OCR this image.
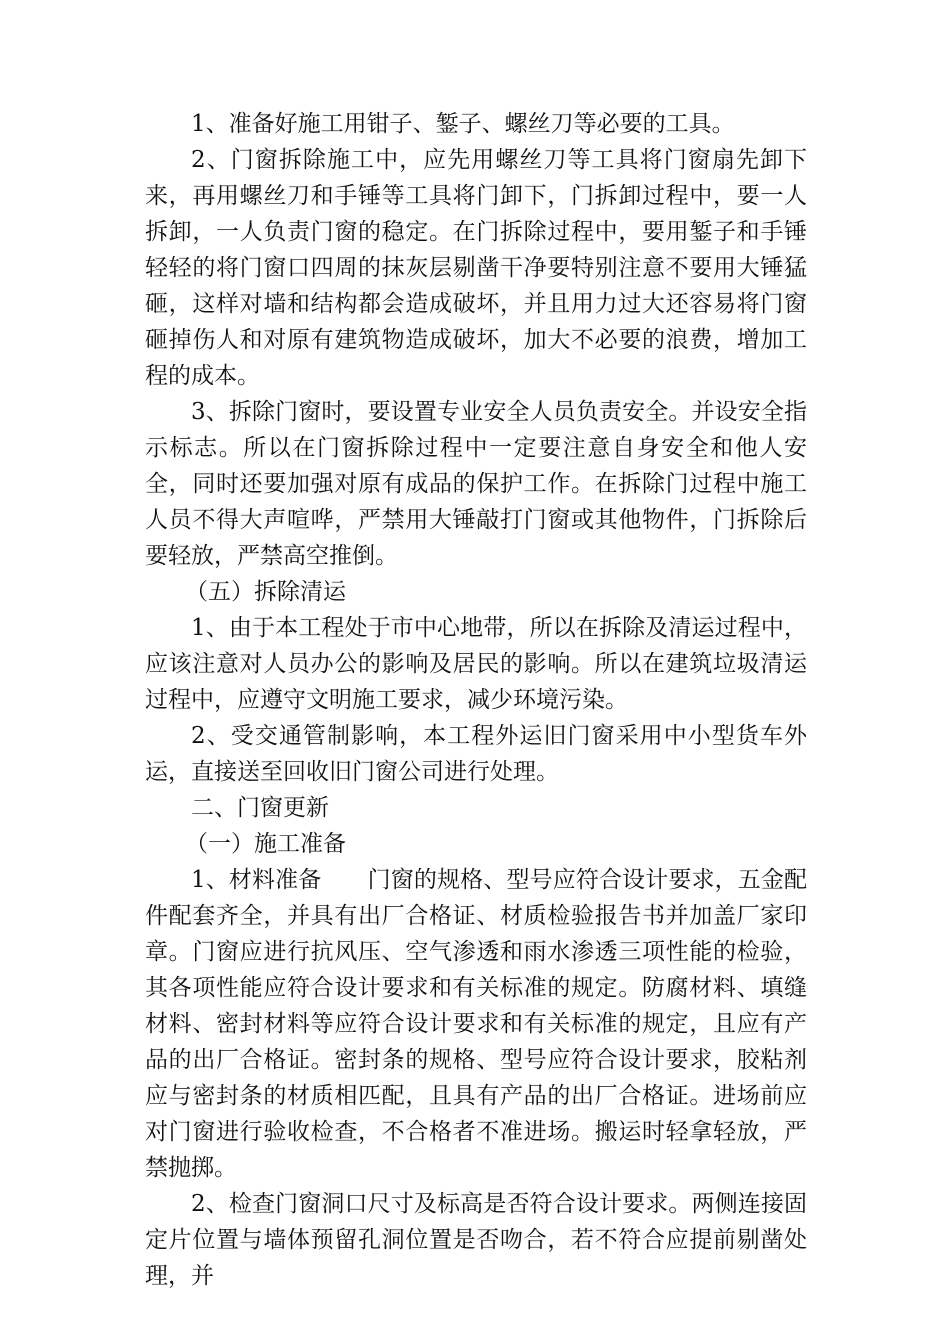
1、准备好施工用钳子、錾子、螺丝刀等必要的工具。

2、门窗拆除施工中，应先用螺丝刀等工具将门窗扇先卸下来，再用螺丝刀和手锤等工具将门卸下，门拆卸过程中，要一人拆卸，一人负责门窗的稳定。在门拆除过程中，要用錾子和手锤轻轻的将门窗口四周的抹灰层剔凿干净要特别注意不要用大锤猛砸，这样对墙和结构都会造成破坏，并且用力过大还容易将门窗砸掉伤人和对原有建筑物造成破坏，加大不必要的浪费，增加工程的成本。

3、拆除门窗时，要设置专业安全人员负责安全。并设安全指示标志。所以在门窗拆除过程中一定要注意自身安全和他人安全，同时还要加强对原有成品的保护工作。在拆除门过程中施工人员不得大声喧哗，严禁用大锤敲打门窗或其他物件，门拆除后要轻放，严禁高空推倒。

（五）拆除清运

1、由于本工程处于市中心地带，所以在拆除及清运过程中，应该注意对人员办公的影响及居民的影响。所以在建筑垃圾清运过程中，应遵守文明施工要求，减少环境污染。

2、受交通管制影响，本工程外运旧门窗采用中小型货车外运，直接送至回收旧门窗公司进行处理。

二、门窗更新

（一）施工准备

1、材料准备　　门窗的规格、型号应符合设计要求，五金配件配套齐全，并具有出厂合格证、材质检验报告书并加盖厂家印章。门窗应进行抗风压、空气渗透和雨水渗透三项性能的检验，其各项性能应符合设计要求和有关标准的规定。防腐材料、填缝材料、密封材料等应符合设计要求和有关标准的规定，且应有产品的出厂合格证。密封条的规格、型号应符合设计要求，胶粘剂应与密封条的材质相匹配，且具有产品的出厂合格证。进场前应对门窗进行验收检查，不合格者不准进场。搬运时轻拿轻放，严禁抛掷。

2、检查门窗洞口尺寸及标高是否符合设计要求。两侧连接固定片位置与墙体预留孔洞位置是否吻合，若不符合应提前剔凿处理，并
